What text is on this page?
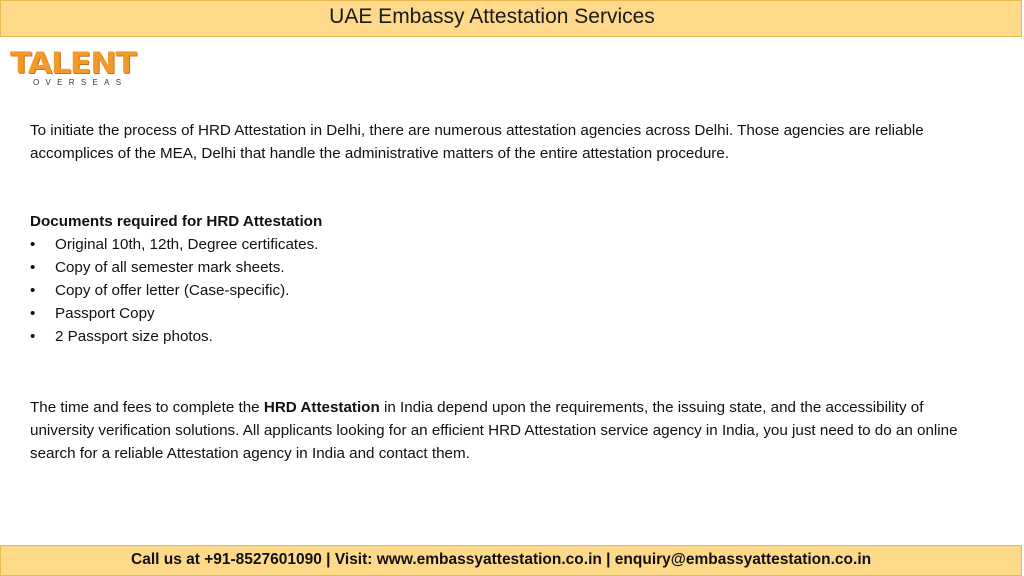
UAE Embassy Attestation Services
TALENT
OVERSEAS
To initiate the process of HRD Attestation in Delhi, there are numerous attestation agencies across Delhi. Those agencies are reliable accomplices of the MEA, Delhi that handle the administrative matters of the entire attestation procedure.
Documents required for HRD Attestation
• Original 10th, 12th, Degree certificates.
• Copy of all semester mark sheets.
• Copy of offer letter (Case-specific).
• Passport Copy
• 2 Passport size photos.
The time and fees to complete the HRD Attestation in India depend upon the requirements, the issuing state, and the accessibility of university verification solutions. All applicants looking for an efficient HRD Attestation service agency in India, you just need to do an online search for a reliable Attestation agency in India and contact them.
Call us at +91-8527601090 | Visit: www.embassyattestation.co.in | enquiry@embassyattestation.co.in
